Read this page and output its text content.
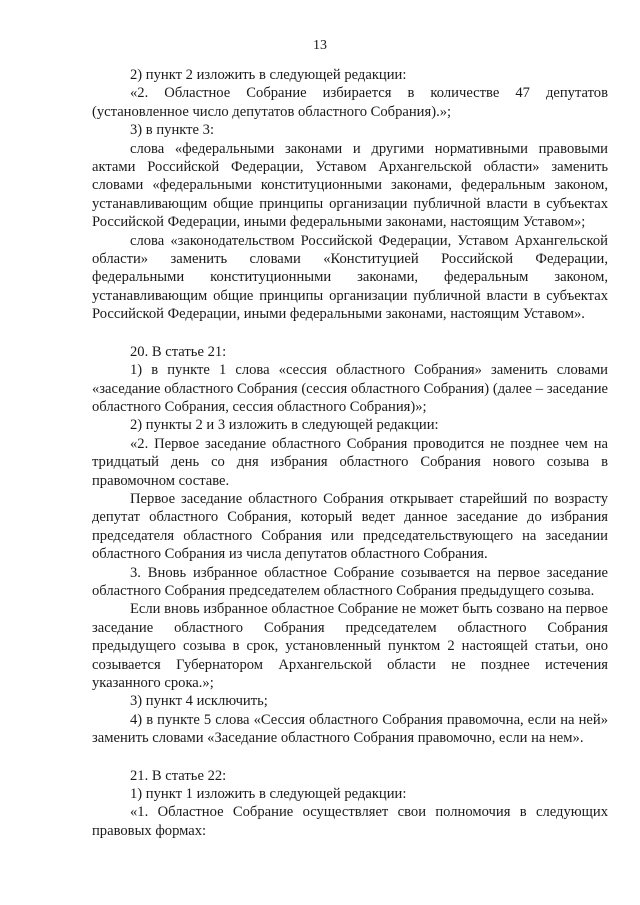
13

2) пункт 2 изложить в следующей редакции:

«2. Областное Собрание избирается в количестве 47 депутатов (установленное число депутатов областного Собрания).»;

3) в пункте 3:

слова «федеральными законами и другими нормативными правовыми актами Российской Федерации, Уставом Архангельской области» заменить словами «федеральными конституционными законами, федеральным законом, устанавливающим общие принципы организации публичной власти в субъектах Российской Федерации, иными федеральными законами, настоящим Уставом»;

слова «законодательством Российской Федерации, Уставом Архангельской области» заменить словами «Конституцией Российской Федерации, федеральными конституционными законами, федеральным законом, устанавливающим общие принципы организации публичной власти в субъектах Российской Федерации, иными федеральными законами, настоящим Уставом».

20. В статье 21:

1) в пункте 1 слова «сессия областного Собрания» заменить словами «заседание областного Собрания (сессия областного Собрания) (далее – заседание областного Собрания, сессия областного Собрания)»;

2) пункты 2 и 3 изложить в следующей редакции:

«2. Первое заседание областного Собрания проводится не позднее чем на тридцатый день со дня избрания областного Собрания нового созыва в правомочном составе.

Первое заседание областного Собрания открывает старейший по возрасту депутат областного Собрания, который ведет данное заседание до избрания председателя областного Собрания или председательствующего на заседании областного Собрания из числа депутатов областного Собрания.

3. Вновь избранное областное Собрание созывается на первое заседание областного Собрания председателем областного Собрания предыдущего созыва.

Если вновь избранное областное Собрание не может быть созвано на первое заседание областного Собрания председателем областного Собрания предыдущего созыва в срок, установленный пунктом 2 настоящей статьи, оно созывается Губернатором Архангельской области не позднее истечения указанного срока.»;

3) пункт 4 исключить;

4) в пункте 5 слова «Сессия областного Собрания правомочна, если на ней» заменить словами «Заседание областного Собрания правомочно, если на нем».

21. В статье 22:

1) пункт 1 изложить в следующей редакции:

«1. Областное Собрание осуществляет свои полномочия в следующих правовых формах:
